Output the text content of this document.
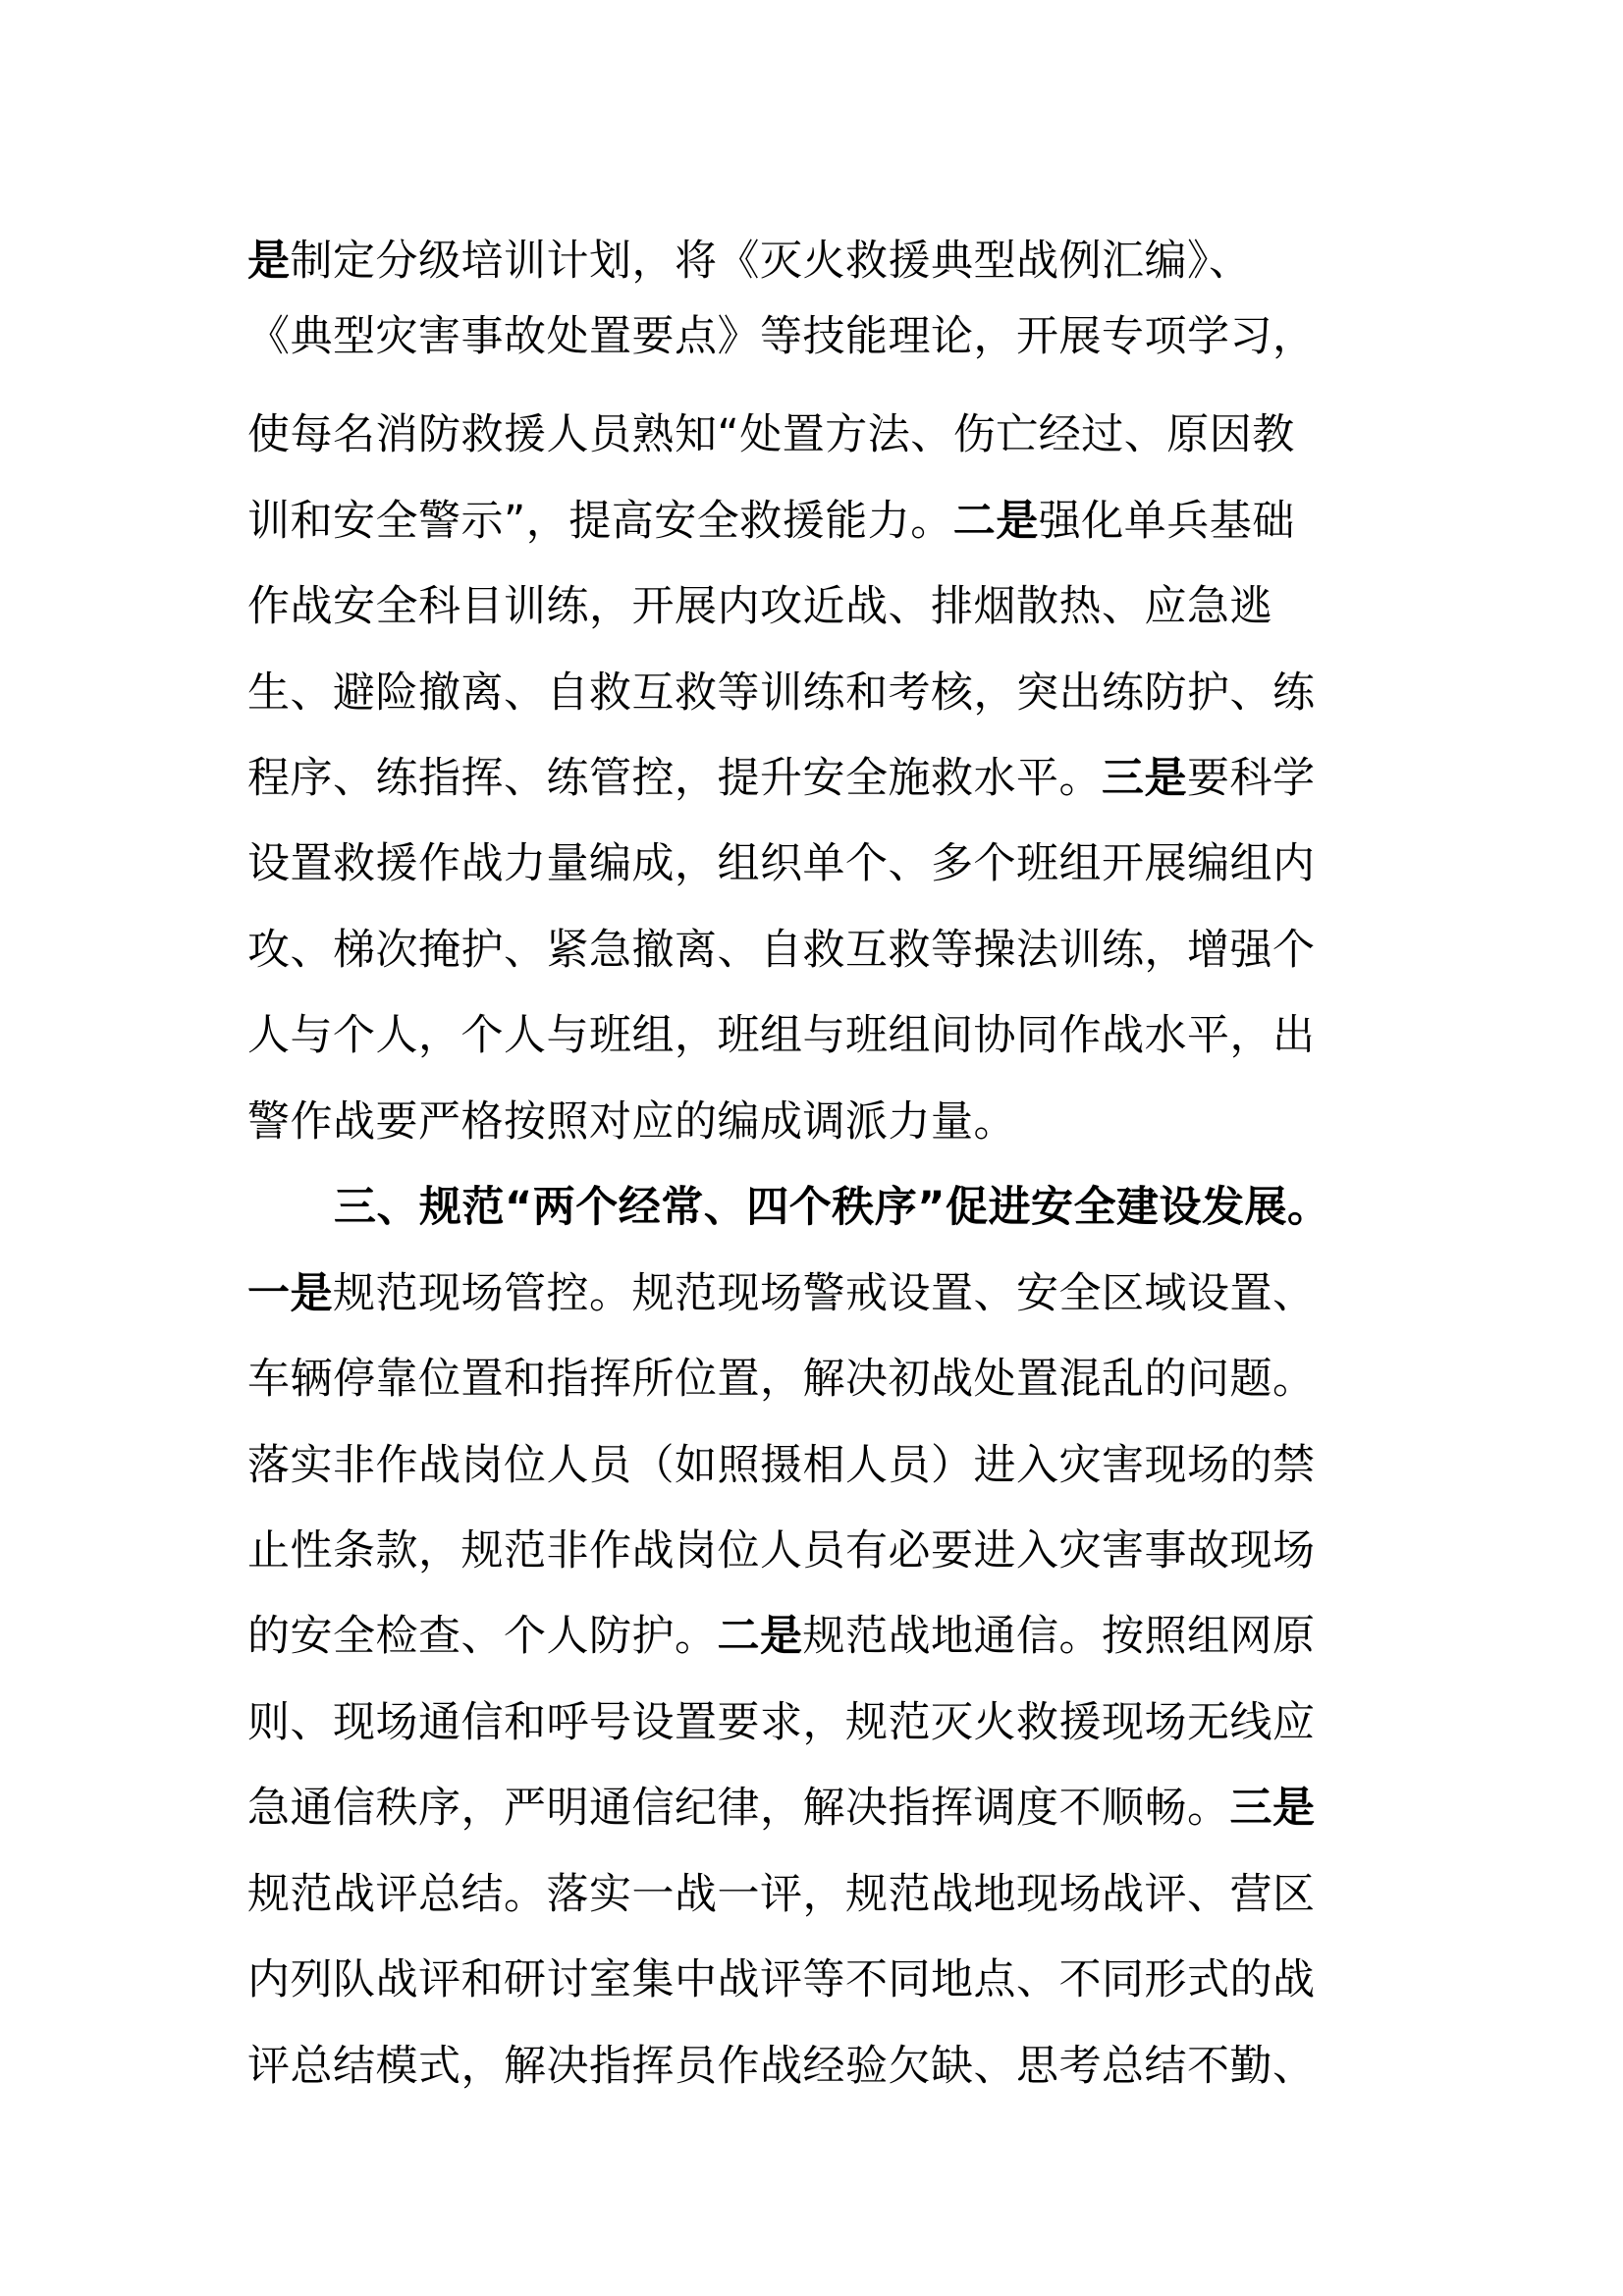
是制定分级培训计划，将《灭火救援典型战例汇编》、
《典型灾害事故处置要点》等技能理论，开展专项学习，
使每名消防救援人员熟知“处置方法、伤亡经过、原因教
训和安全警示”，提高安全救援能力。二是强化单兵基础
作战安全科目训练，开展内攻近战、排烟散热、应急逃
生、避险撤离、自救互救等训练和考核，突出练防护、练
程序、练指挥、练管控，提升安全施救水平。三是要科学
设置救援作战力量编成，组织单个、多个班组开展编组内
攻、梯次掩护、紧急撤离、自救互救等操法训练，增强个
人与个人，个人与班组，班组与班组间协同作战水平，出
警作战要严格按照对应的编成调派力量。
三、规范“两个经常、四个秩序”促进安全建设发展。
一是规范现场管控。规范现场警戒设置、安全区域设置、
车辆停靠位置和指挥所位置，解决初战处置混乱的问题。
落实非作战岗位人员（如照摄相人员）进入灾害现场的禁
止性条款，规范非作战岗位人员有必要进入灾害事故现场
的安全检查、个人防护。二是规范战地通信。按照组网原
则、现场通信和呼号设置要求，规范灭火救援现场无线应
急通信秩序，严明通信纪律，解决指挥调度不顺畅。三是
规范战评总结。落实一战一评，规范战地现场战评、营区
内列队战评和研讨室集中战评等不同地点、不同形式的战
评总结模式，解决指挥员作战经验欠缺、思考总结不勤、
